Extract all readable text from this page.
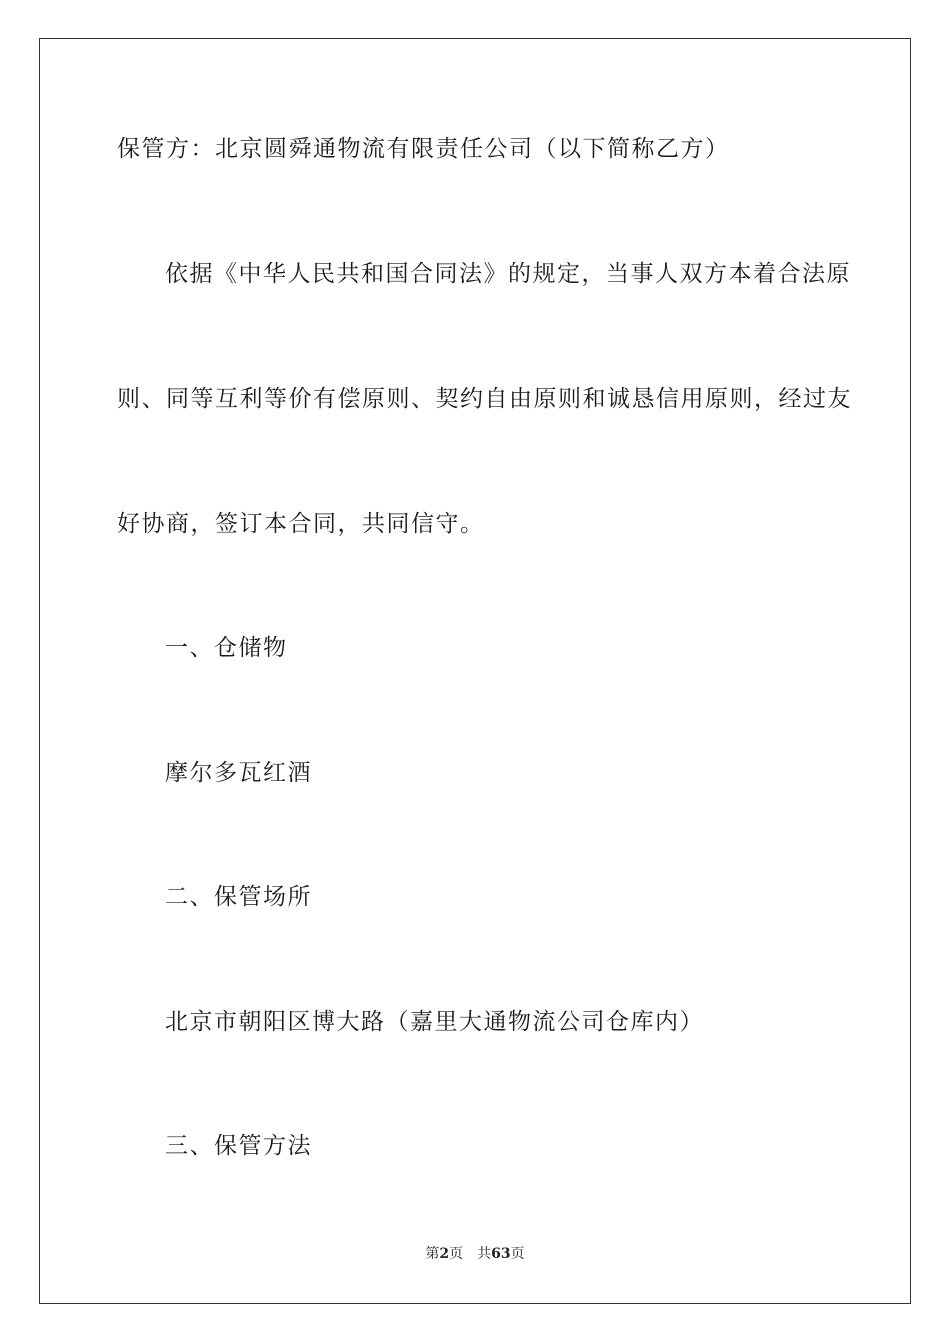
保管方：北京圆舜通物流有限责任公司（以下简称乙方）

依据《中华人民共和国合同法》的规定，当事人双方本着合法原

则、同等互利等价有偿原则、契约自由原则和诚恳信用原则，经过友

好协商，签订本合同，共同信守。

一、仓储物

摩尔多瓦红酒

二、保管场所

北京市朝阳区博大路（嘉里大通物流公司仓库内）

三、保管方法

第2页 共63页
